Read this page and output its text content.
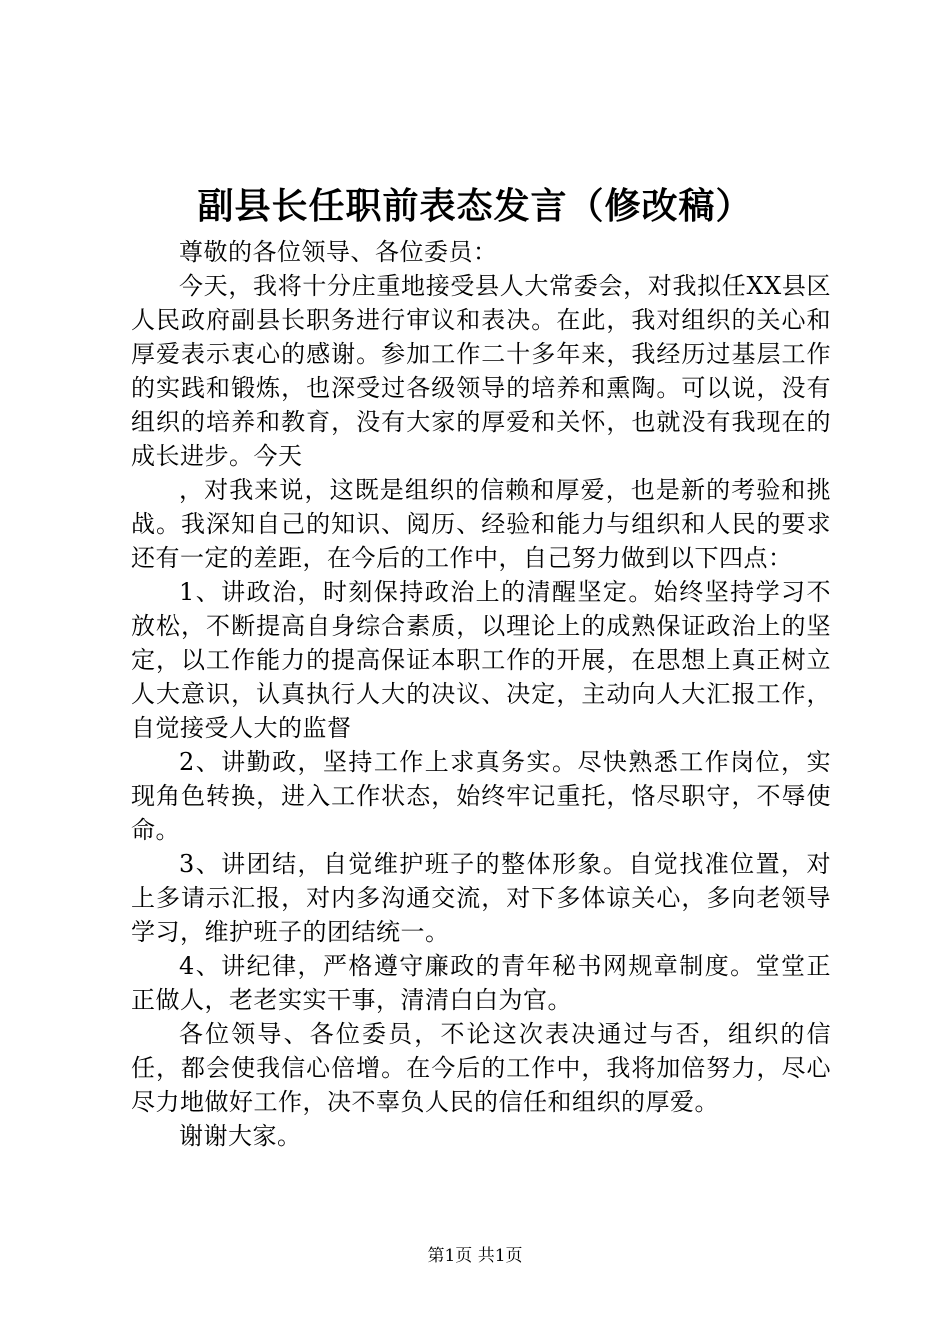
副县长任职前表态发言（修改稿）

尊敬的各位领导、各位委员：

今天，我将十分庄重地接受县人大常委会，对我拟任XX县区人民政府副县长职务进行审议和表决。在此，我对组织的关心和厚爱表示衷心的感谢。参加工作二十多年来，我经历过基层工作的实践和锻炼，也深受过各级领导的培养和熏陶。可以说，没有组织的培养和教育，没有大家的厚爱和关怀，也就没有我现在的成长进步。今天

，对我来说，这既是组织的信赖和厚爱，也是新的考验和挑战。我深知自己的知识、阅历、经验和能力与组织和人民的要求还有一定的差距，在今后的工作中，自己努力做到以下四点：

1、讲政治，时刻保持政治上的清醒坚定。始终坚持学习不放松，不断提高自身综合素质，以理论上的成熟保证政治上的坚定，以工作能力的提高保证本职工作的开展，在思想上真正树立人大意识，认真执行人大的决议、决定，主动向人大汇报工作，自觉接受人大的监督

2、讲勤政，坚持工作上求真务实。尽快熟悉工作岗位，实现角色转换，进入工作状态，始终牢记重托，恪尽职守，不辱使命。

3、讲团结，自觉维护班子的整体形象。自觉找准位置，对上多请示汇报，对内多沟通交流，对下多体谅关心，多向老领导学习，维护班子的团结统一。

4、讲纪律，严格遵守廉政的青年秘书网规章制度。堂堂正正做人，老老实实干事，清清白白为官。

各位领导、各位委员，不论这次表决通过与否，组织的信任，都会使我信心倍增。在今后的工作中，我将加倍努力，尽心尽力地做好工作，决不辜负人民的信任和组织的厚爱。

谢谢大家。

第1页 共1页
